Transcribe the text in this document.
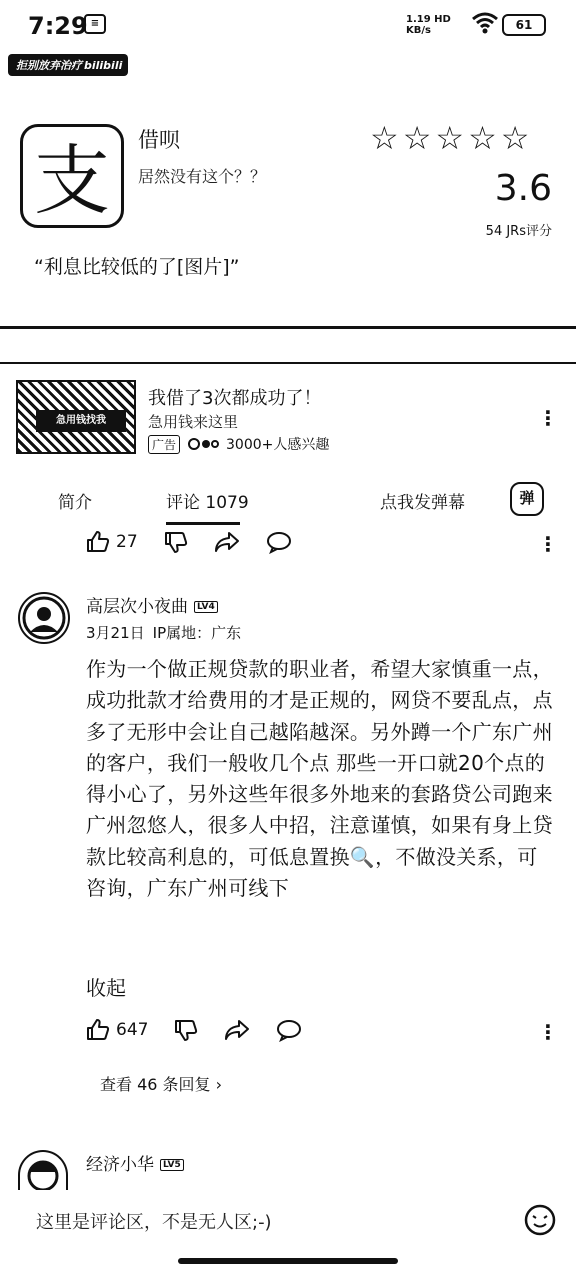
7:29 ≡	1.19 HD
KB/s	61
拒别放弃治疗 bilibili
支 借呗
居然没有这个？？
☆ ☆ ☆ ☆ ☆
3.6
54 JRs评分
“利息比较低的了[图片]”
急用钱找我
我借了3次都成功了！
急用钱来这里
广告	3000+人感兴趣
⋮
简介	评论 1079	点我发弹幕	弹
27	⋮
高层次小夜曲 LV4
3月21日 IP属地：广东
作为一个做正规贷款的职业者，希望大家慎重一点，成功批款才给费用的才是正规的，网贷不要乱点，点多了无形中会让自己越陷越深。另外蹲一个广东广州的客户，我们一般收几个点 那些一开口就20个点的得小心了，另外这些年很多外地来的套路贷公司跑来广州忽悠人，很多人中招，注意谨慎，如果有身上贷款比较高利息的，可低息置换🔍，不做没关系，可咨询，广东广州可线下
收起
647	⋮
查看 46 条回复 ›
经济小华 LV5
这里是评论区，不是无人区;-)
